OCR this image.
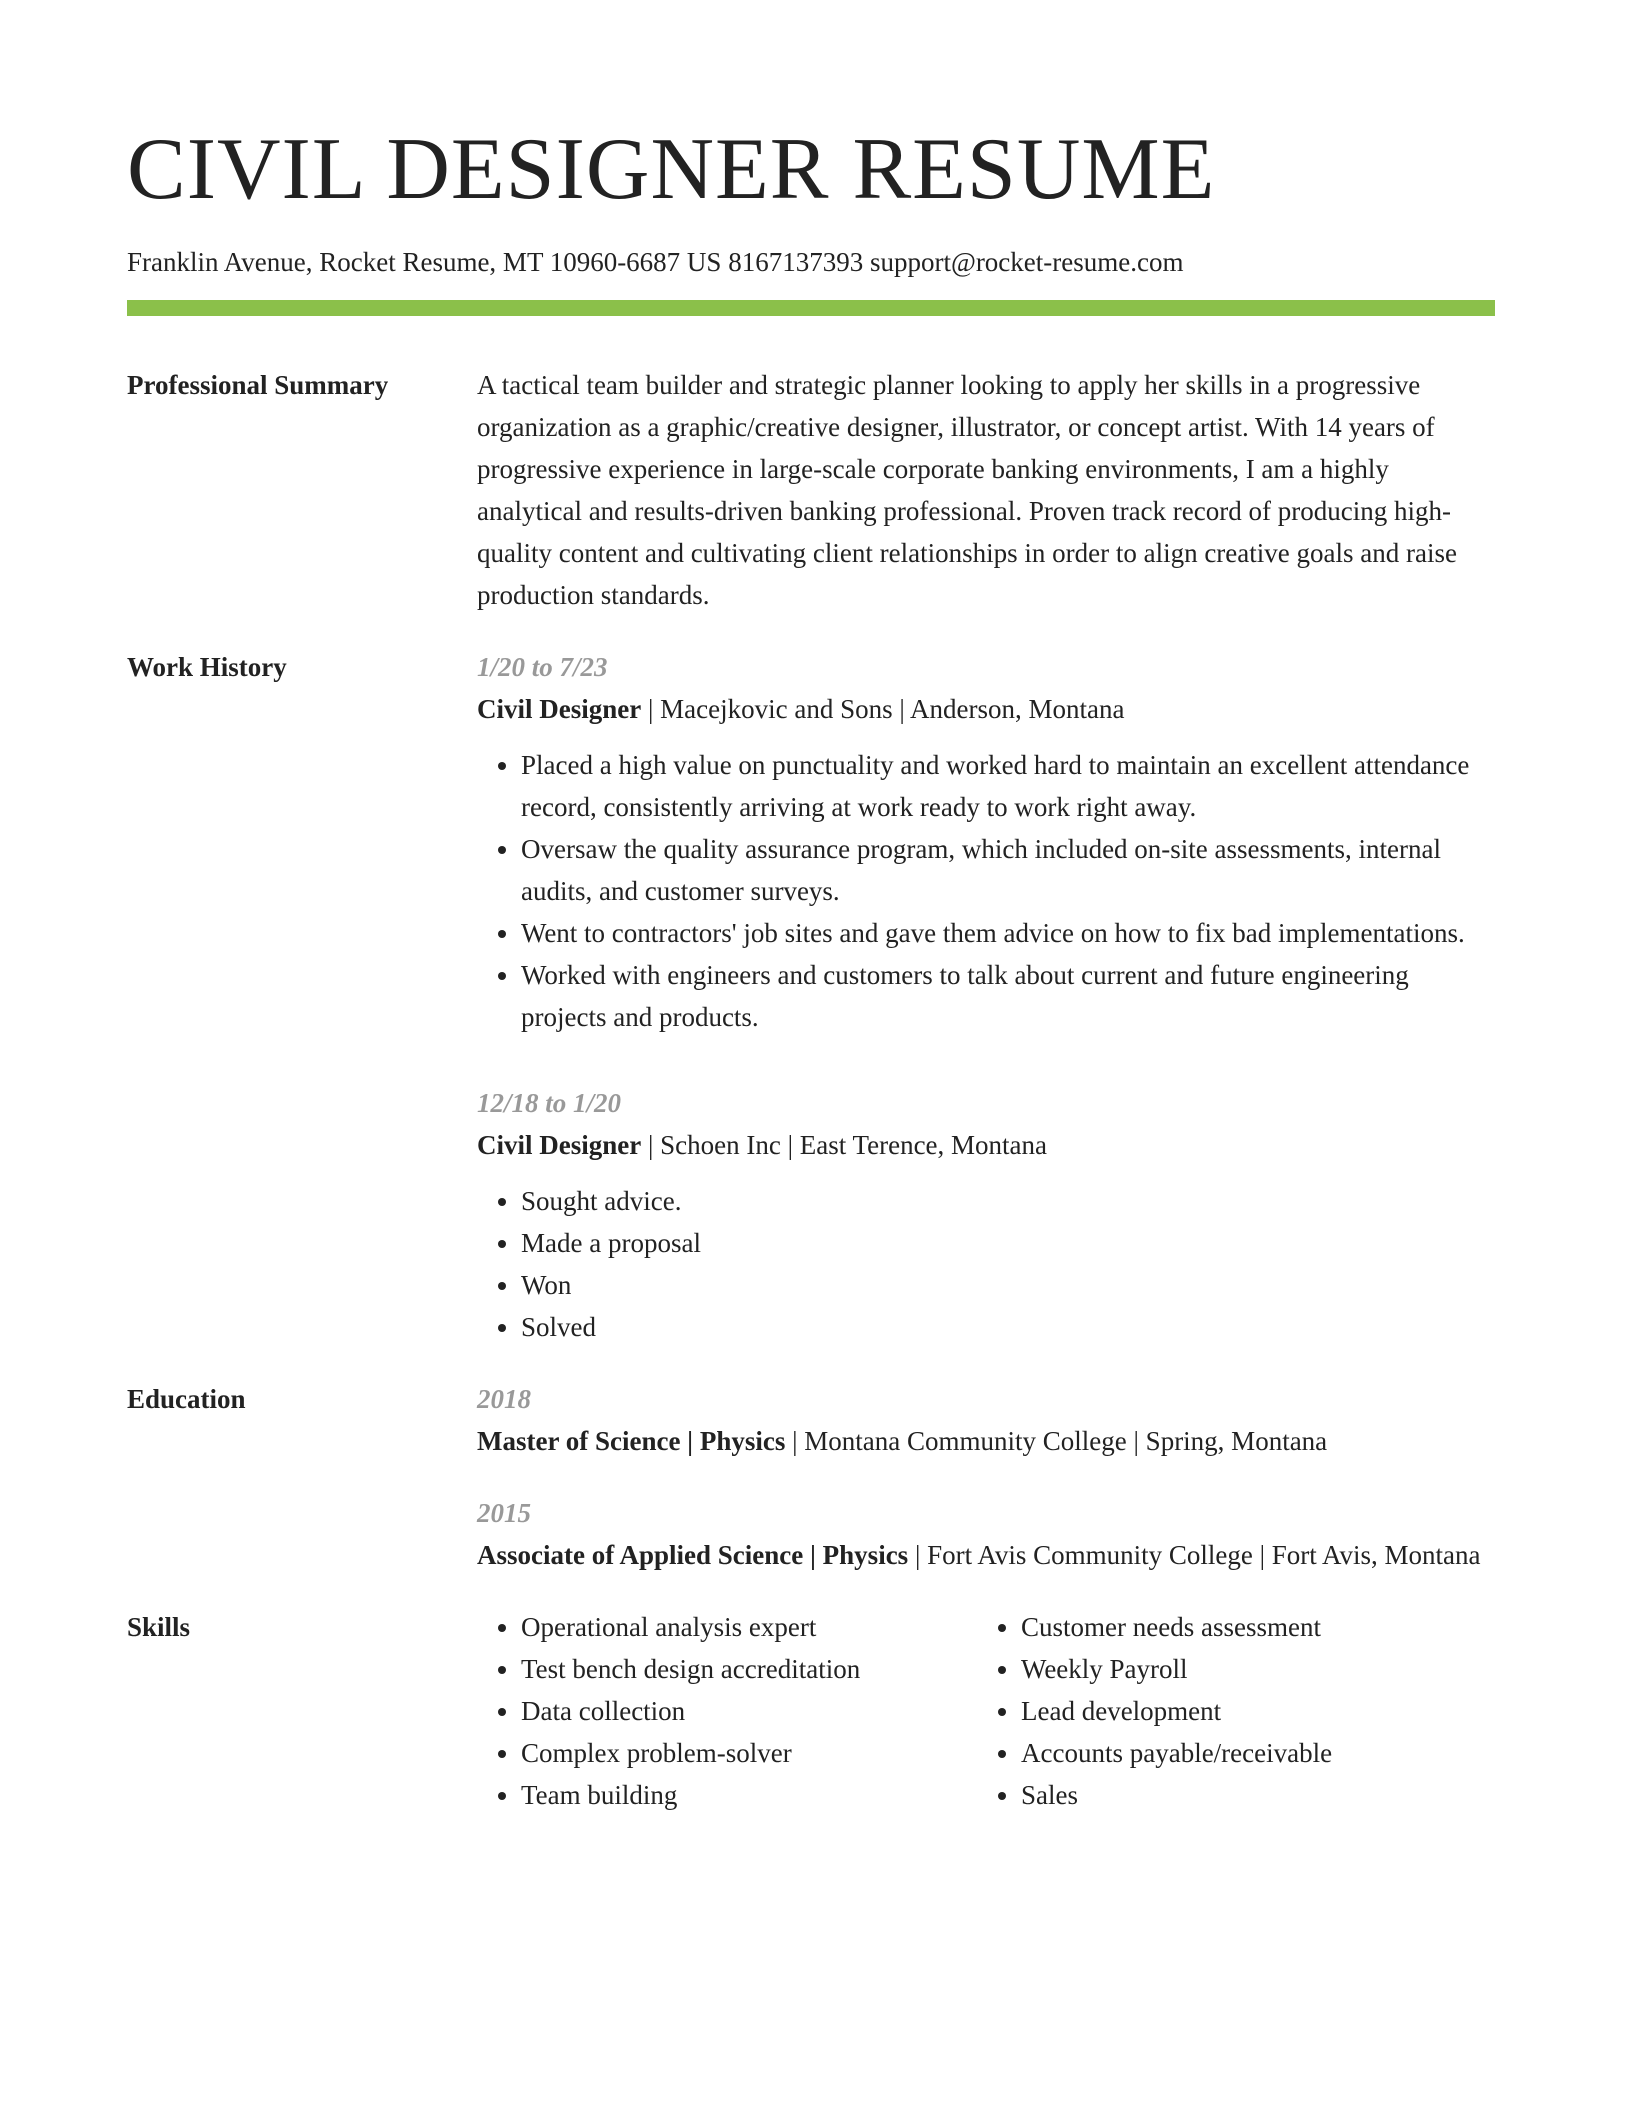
CIVIL DESIGNER RESUME
Franklin Avenue, Rocket Resume, MT 10960-6687 US 8167137393 support@rocket-resume.com
Professional Summary	A tactical team builder and strategic planner looking to apply her skills in a progressive organization as a graphic/creative designer, illustrator, or concept artist. With 14 years of progressive experience in large-scale corporate banking environments, I am a highly analytical and results-driven banking professional. Proven track record of producing high-quality content and cultivating client relationships in order to align creative goals and raise production standards.
Work History	1/20 to 7/23
Civil Designer | Macejkovic and Sons | Anderson, Montana
• Placed a high value on punctuality and worked hard to maintain an excellent attendance record, consistently arriving at work ready to work right away.
• Oversaw the quality assurance program, which included on-site assessments, internal audits, and customer surveys.
• Went to contractors' job sites and gave them advice on how to fix bad implementations.
• Worked with engineers and customers to talk about current and future engineering projects and products.
12/18 to 1/20
Civil Designer | Schoen Inc | East Terence, Montana
• Sought advice.
• Made a proposal
• Won
• Solved
Education	2018
Master of Science | Physics | Montana Community College | Spring, Montana
2015
Associate of Applied Science | Physics | Fort Avis Community College | Fort Avis, Montana
Skills
•	Operational analysis expert
• Test bench design accreditation
• Data collection
• Complex problem-solver
• Team building
• Customer needs assessment
• Weekly Payroll
• Lead development
• Accounts payable/receivable
• Sales
